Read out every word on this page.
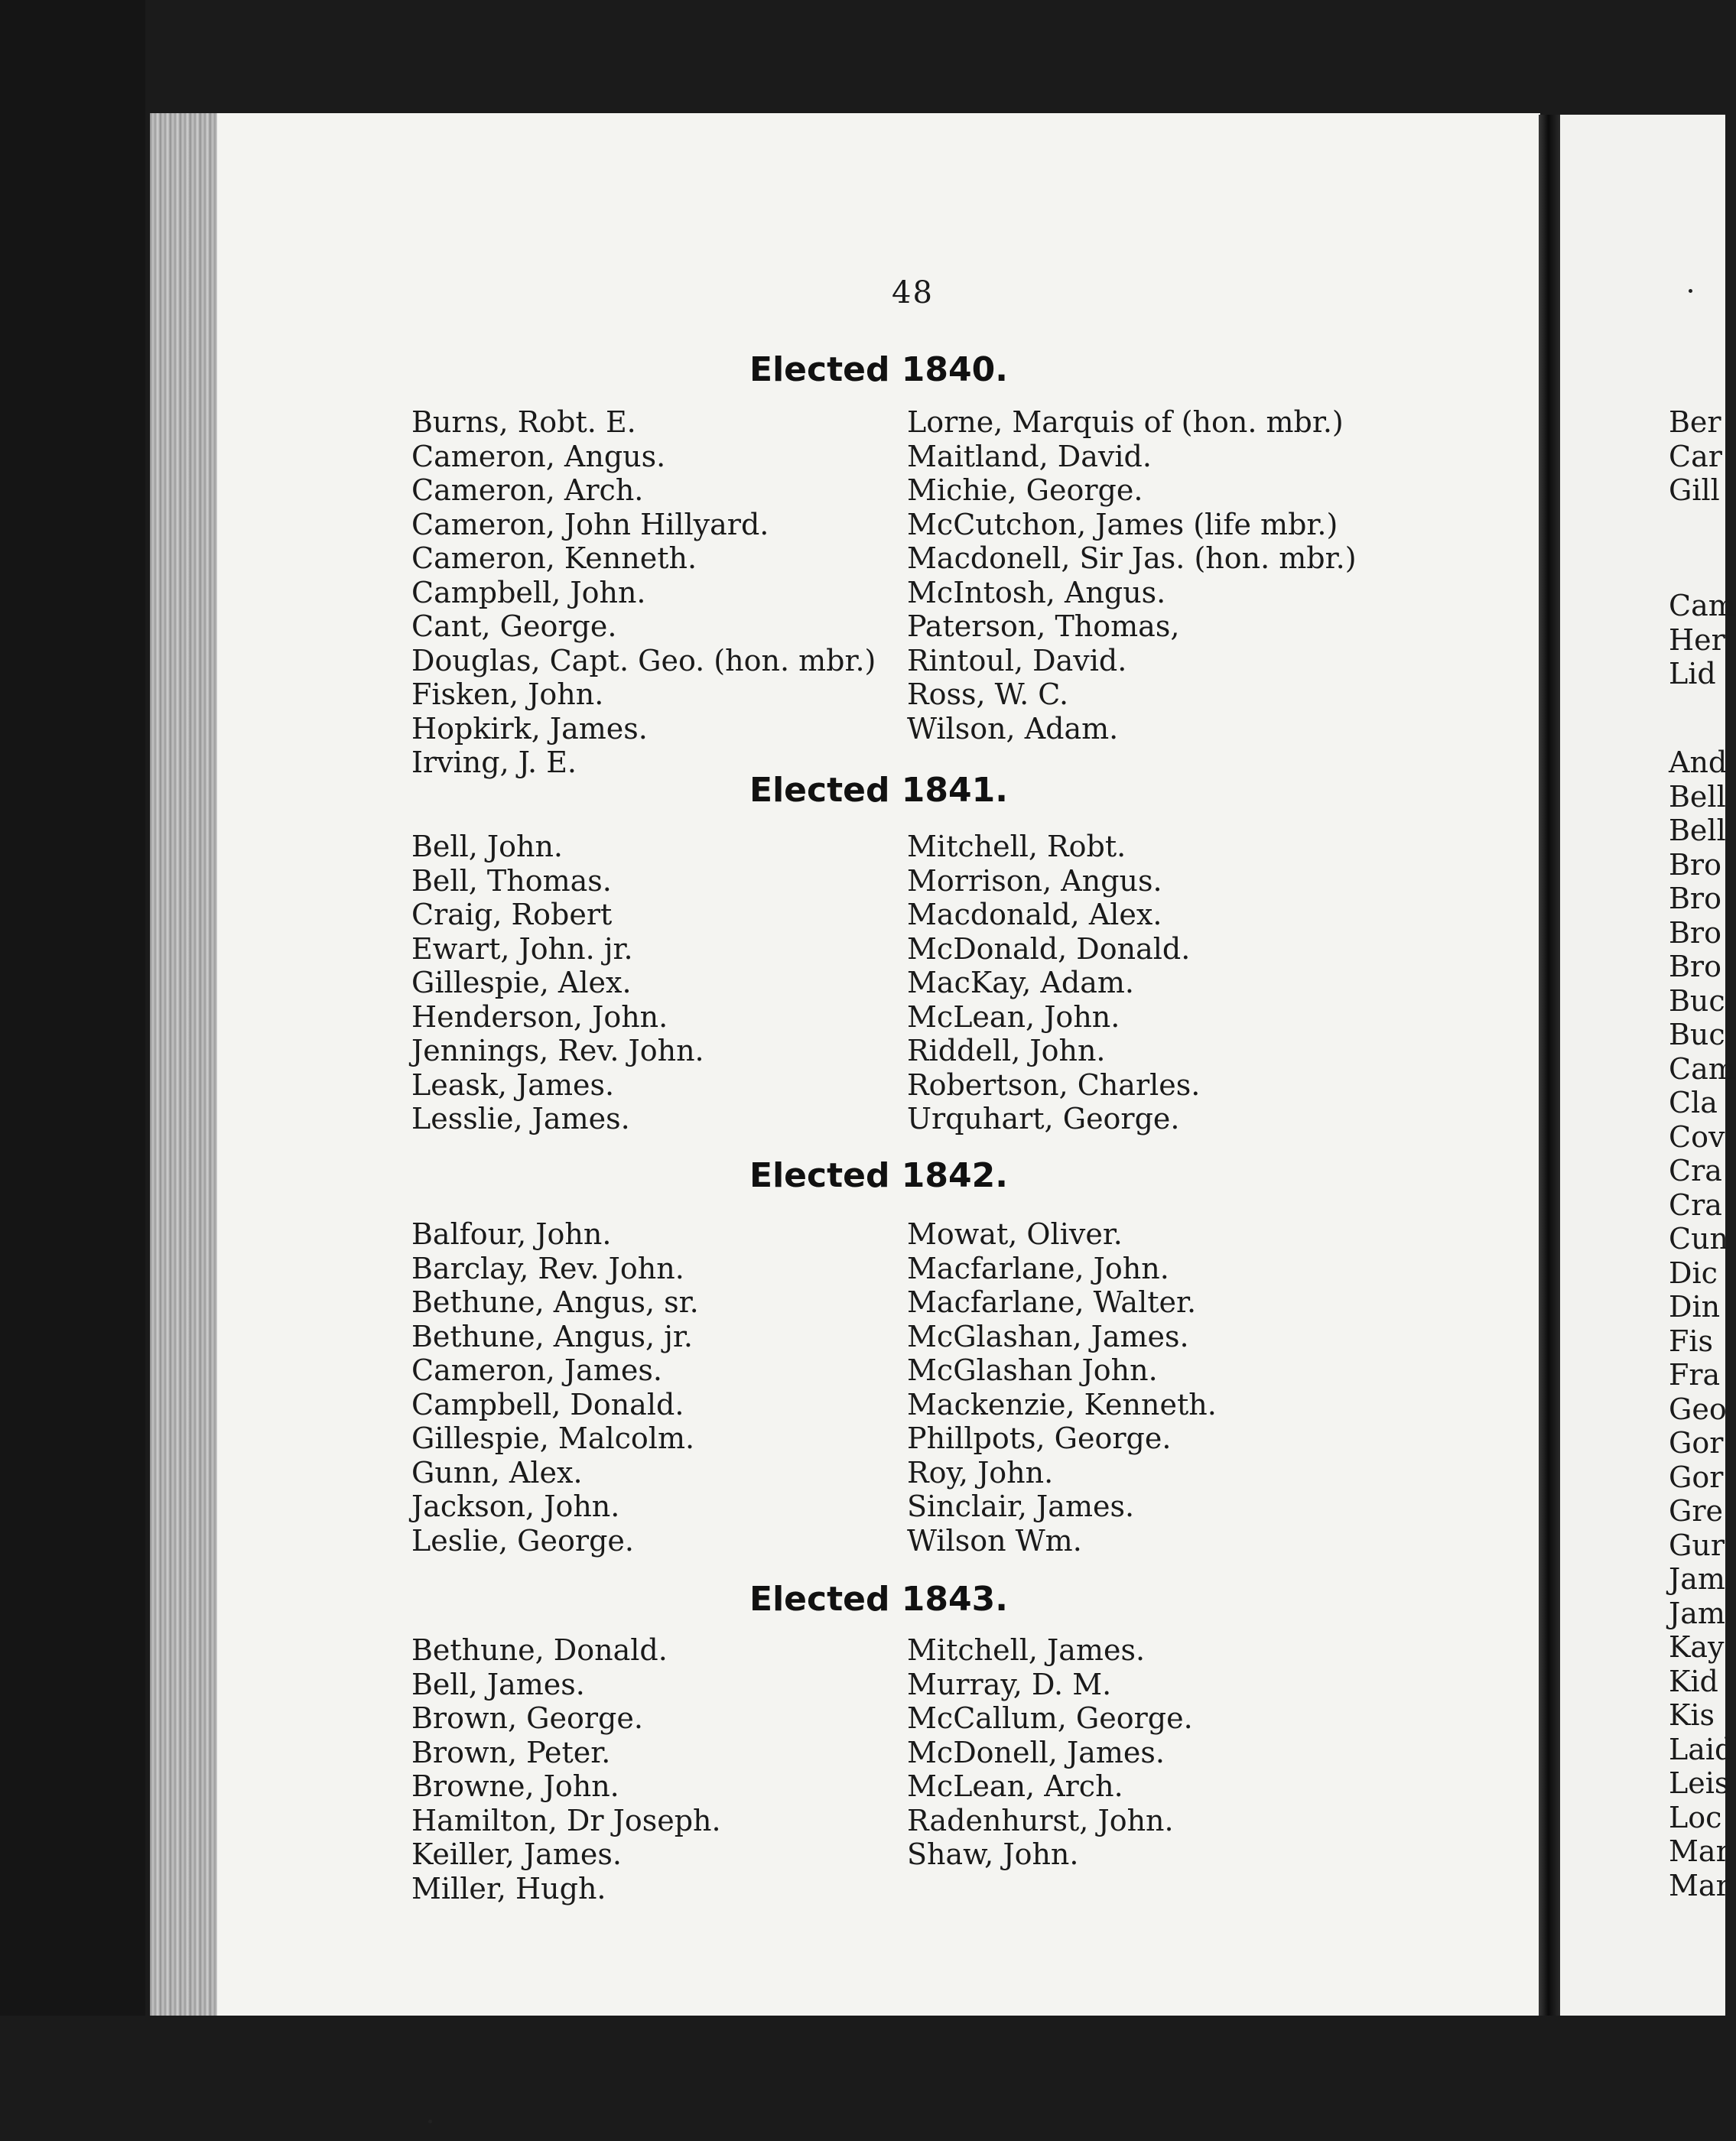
Ber
Car
Gill
Cam
Her
Lid
And
Bell
Bell
Bro
Bro
Bro
Bro
Buc
Buc
Cam
Cla
Cov
Cra
Cra
Cun
Dic
Din
Fis
Fra
Geo
Gor
Gor
Gre
Gur
Jam
Jam
Kay
Kid
Kis
Laid
Leis
Loc
Mar
Mar
48
Elected 1840.
Burns, Robt. E.
Cameron, Angus.
Cameron, Arch.
Cameron, John Hillyard.
Cameron, Kenneth.
Campbell, John.
Cant, George.
Douglas, Capt. Geo. (hon. mbr.)
Fisken, John.
Hopkirk, James.
Irving, J. E.
Lorne, Marquis of (hon. mbr.)
Maitland, David.
Michie, George.
McCutchon, James (life mbr.)
Macdonell, Sir Jas. (hon. mbr.)
McIntosh, Angus.
Paterson, Thomas,
Rintoul, David.
Ross, W. C.
Wilson, Adam.
Elected 1841.
Bell, John.
Bell, Thomas.
Craig, Robert
Ewart, John. jr.
Gillespie, Alex.
Henderson, John.
Jennings, Rev. John.
Leask, James.
Lesslie, James.
Mitchell, Robt.
Morrison, Angus.
Macdonald, Alex.
McDonald, Donald.
MacKay, Adam.
McLean, John.
Riddell, John.
Robertson, Charles.
Urquhart, George.
Elected 1842.
Balfour, John.
Barclay, Rev. John.
Bethune, Angus, sr.
Bethune, Angus, jr.
Cameron, James.
Campbell, Donald.
Gillespie, Malcolm.
Gunn, Alex.
Jackson, John.
Leslie, George.
Mowat, Oliver.
Macfarlane, John.
Macfarlane, Walter.
McGlashan, James.
McGlashan John.
Mackenzie, Kenneth.
Phillpots, George.
Roy, John.
Sinclair, James.
Wilson Wm.
Elected 1843.
Bethune, Donald.
Bell, James.
Brown, George.
Brown, Peter.
Browne, John.
Hamilton, Dr Joseph.
Keiller, James.
Miller, Hugh.
Mitchell, James.
Murray, D. M.
McCallum, George.
McDonell, James.
McLean, Arch.
Radenhurst, John.
Shaw, John.
